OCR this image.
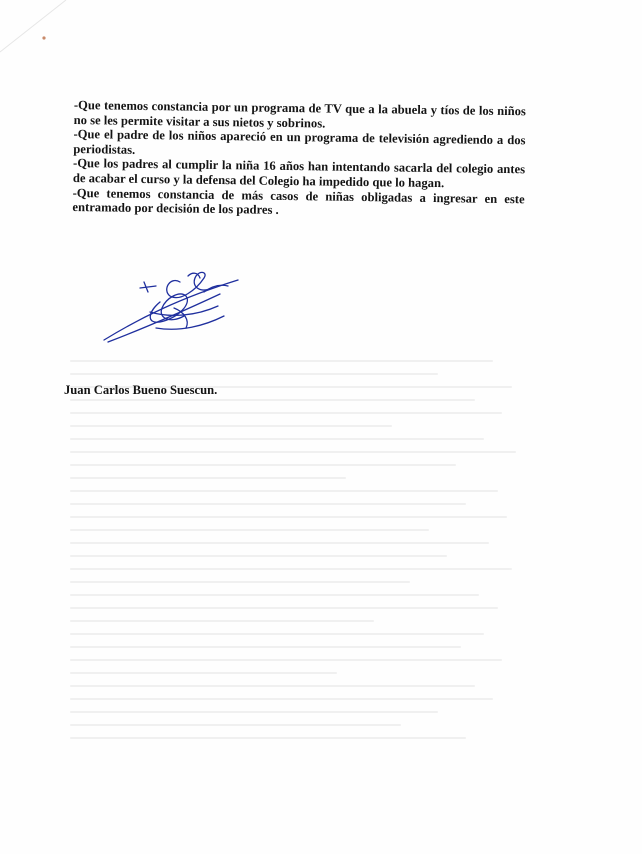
-Que tenemos constancia por un programa de TV que a la abuela y tíos de los niños no se les permite visitar a sus nietos y sobrinos.

-Que el padre de los niños apareció en un programa de televisión agrediendo a dos periodistas.

-Que los padres al cumplir la niña 16 años han intentando sacarla del colegio antes de acabar el curso y la defensa del Colegio ha impedido que lo hagan.

-Que tenemos constancia de más casos de niñas obligadas a ingresar en este entramado por decisión de los padres .

Juan Carlos Bueno Suescun.
